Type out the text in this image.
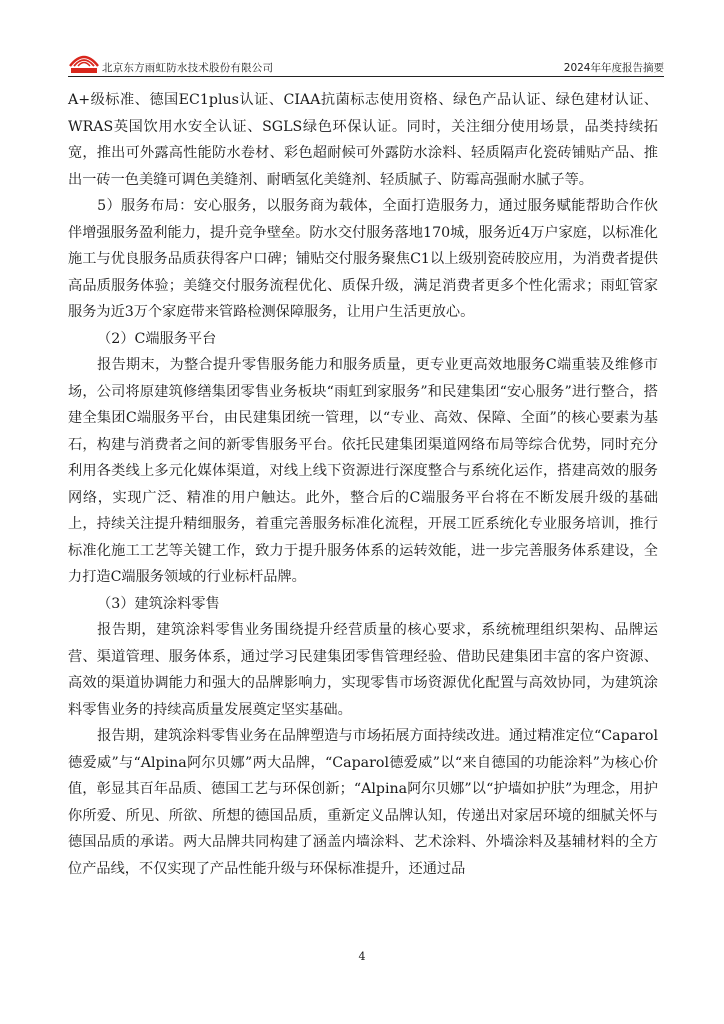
北京东方雨虹防水技术股份有限公司	2024年年度报告摘要

A+级标准、德国EC1plus认证、CIAA抗菌标志使用资格、绿色产品认证、绿色建材认证、WRAS英国饮用水安全认证、SGLS绿色环保认证。同时，关注细分使用场景，品类持续拓宽，推出可外露高性能防水卷材、彩色超耐候可外露防水涂料、轻质隔声化瓷砖铺贴产品、推出一砖一色美缝可调色美缝剂、耐晒氢化美缝剂、轻质腻子、防霉高强耐水腻子等。

5）服务布局：安心服务，以服务商为载体，全面打造服务力，通过服务赋能帮助合作伙伴增强服务盈利能力，提升竞争壁垒。防水交付服务落地170城，服务近4万户家庭，以标准化施工与优良服务品质获得客户口碑；铺贴交付服务聚焦C1以上级别瓷砖胶应用，为消费者提供高品质服务体验；美缝交付服务流程优化、质保升级，满足消费者更多个性化需求；雨虹管家服务为近3万个家庭带来管路检测保障服务，让用户生活更放心。

（2）C端服务平台

报告期末，为整合提升零售服务能力和服务质量，更专业更高效地服务C端重装及维修市场，公司将原建筑修缮集团零售业务板块“雨虹到家服务”和民建集团“安心服务”进行整合，搭建全集团C端服务平台，由民建集团统一管理，以“专业、高效、保障、全面”的核心要素为基石，构建与消费者之间的新零售服务平台。依托民建集团渠道网络布局等综合优势，同时充分利用各类线上多元化媒体渠道，对线上线下资源进行深度整合与系统化运作，搭建高效的服务网络，实现广泛、精准的用户触达。此外，整合后的C端服务平台将在不断发展升级的基础上，持续关注提升精细服务，着重完善服务标准化流程，开展工匠系统化专业服务培训，推行标准化施工工艺等关键工作，致力于提升服务体系的运转效能，进一步完善服务体系建设，全力打造C端服务领域的行业标杆品牌。

（3）建筑涂料零售

报告期，建筑涂料零售业务围绕提升经营质量的核心要求，系统梳理组织架构、品牌运营、渠道管理、服务体系，通过学习民建集团零售管理经验、借助民建集团丰富的客户资源、高效的渠道协调能力和强大的品牌影响力，实现零售市场资源优化配置与高效协同，为建筑涂料零售业务的持续高质量发展奠定坚实基础。

报告期，建筑涂料零售业务在品牌塑造与市场拓展方面持续改进。通过精准定位“Caparol德爱威”与“Alpina阿尔贝娜”两大品牌，“Caparol德爱威”以“来自德国的功能涂料”为核心价值，彰显其百年品质、德国工艺与环保创新；“Alpina阿尔贝娜”以“护墙如护肤”为理念，用护你所爱、所见、所欲、所想的德国品质，重新定义品牌认知，传递出对家居环境的细腻关怀与德国品质的承诺。两大品牌共同构建了涵盖内墙涂料、艺术涂料、外墙涂料及基辅材料的全方位产品线，不仅实现了产品性能升级与环保标准提升，还通过品

4
